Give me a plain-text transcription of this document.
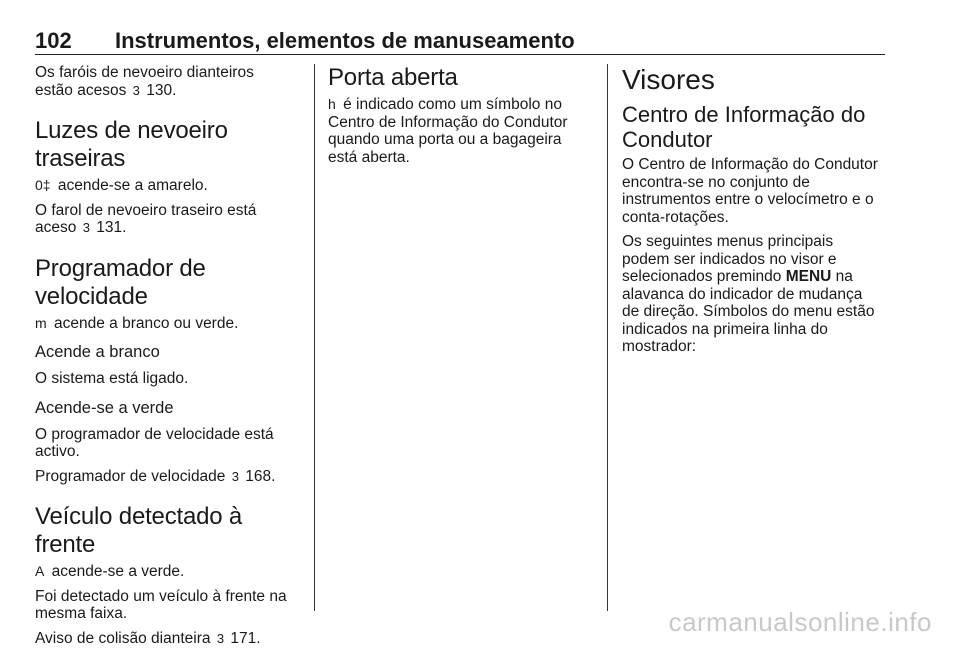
102 Instrumentos, elementos de manuseamento

Os faróis de nevoeiro dianteiros
estão acesos 3 130.

Luzes de nevoeiro traseiras

0‡ acende-se a amarelo.

O farol de nevoeiro traseiro está
aceso 3 131.

Programador de velocidade

m acende a branco ou verde.

Acende a branco

O sistema está ligado.

Acende-se a verde

O programador de velocidade está
activo.

Programador de velocidade 3 168.

Veículo detectado à frente

A acende-se a verde.

Foi detectado um veículo à frente na
mesma faixa.

Aviso de colisão dianteira 3 171.

Porta aberta

h é indicado como um símbolo no
Centro de Informação do Condutor
quando uma porta ou a bagageira
está aberta.

Visores
Centro de Informação do
Condutor

O Centro de Informação do Condutor
encontra-se no conjunto de
instrumentos entre o velocímetro e o
conta-rotações.

Os seguintes menus principais
podem ser indicados no visor e
selecionados premindo MENU na
alavanca do indicador de mudança
de direção. Símbolos do menu estão
indicados na primeira linha do
mostrador:

carmanualsonline.info
